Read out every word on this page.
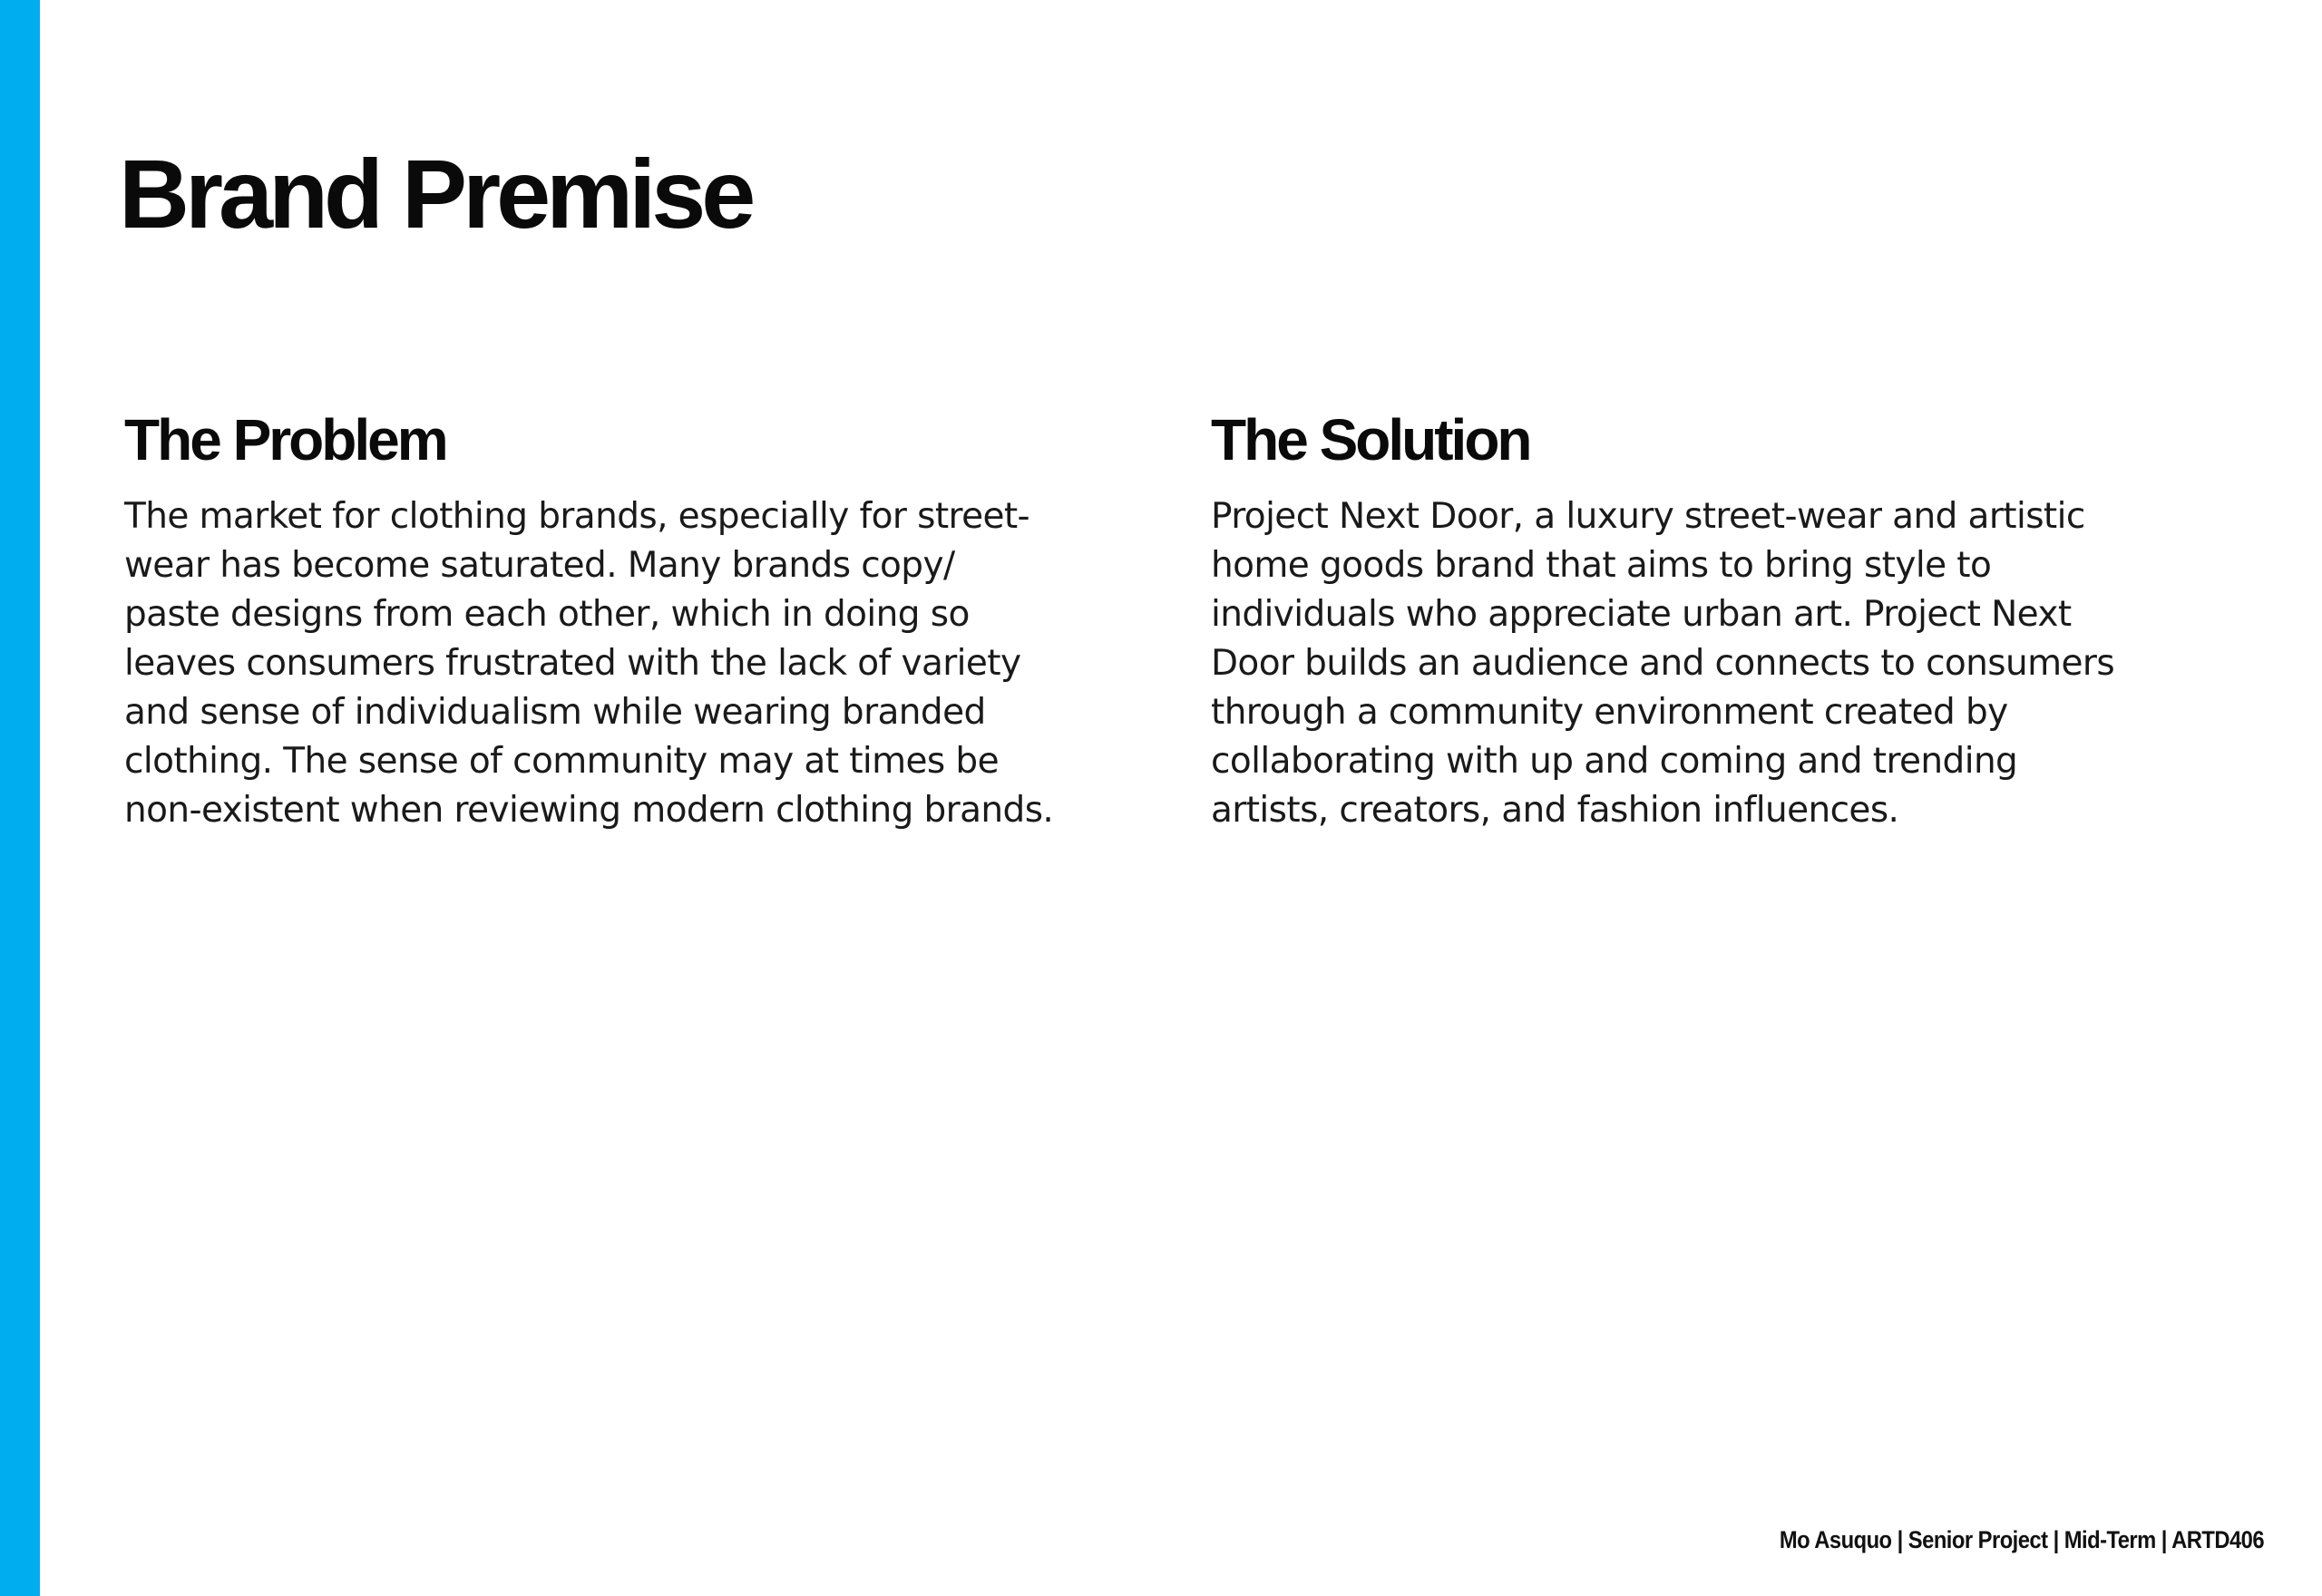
Brand Premise
The Problem

The market for clothing brands, especially for street-
wear has become saturated. Many brands copy/
paste designs from each other, which in doing so
leaves consumers frustrated with the lack of variety
and sense of individualism while wearing branded
clothing. The sense of community may at times be
non-existent when reviewing modern clothing brands.

The Solution

Project Next Door, a luxury street-wear and artistic
home goods brand that aims to bring style to
individuals who appreciate urban art. Project Next
Door builds an audience and connects to consumers
through a community environment created by
collaborating with up and coming and trending
artists, creators, and fashion influences.

Mo Asuquo | Senior Project | Mid-Term | ARTD406
